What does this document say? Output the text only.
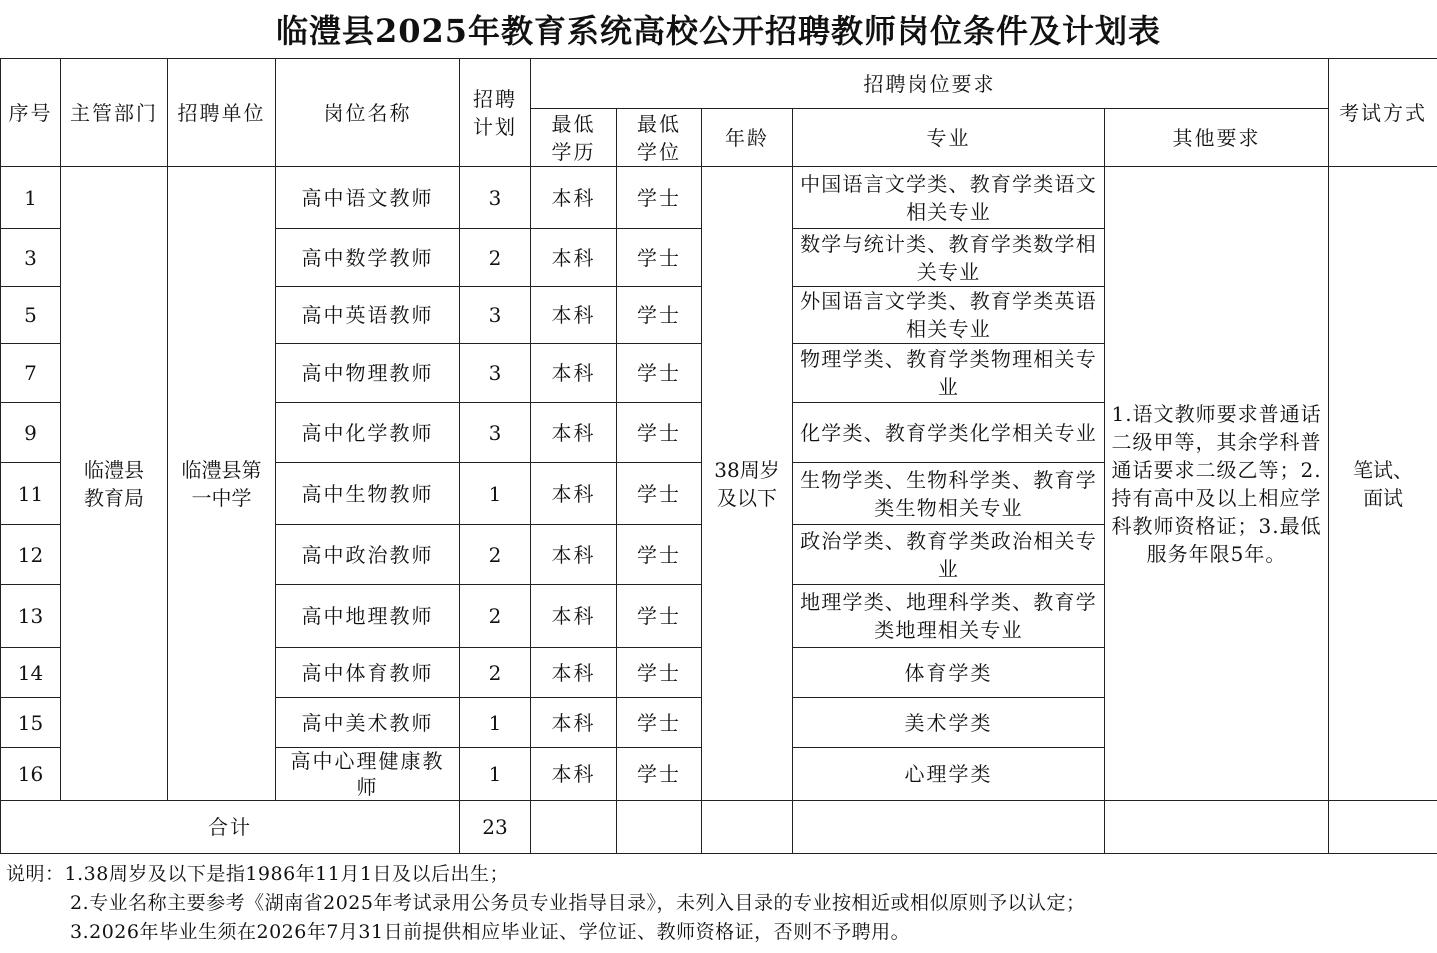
临澧县2025年教育系统高校公开招聘教师岗位条件及计划表
序号	主管部门	招聘单位	岗位名称	招聘计划	招聘岗位要求					考试方式

					最低学历	最低学位	年龄	专业	其他要求	
1	临澧县教育局	临澧县第一中学	高中语文教师	3	本科	学士	38周岁及以下	中国语言文学类、教育学类语文相关专业	1.语文教师要求普通话二级甲等，其余学科普通话要求二级乙等；2.持有高中及以上相应学科教师资格证；3.最低服务年限5年。	笔试、面试

3			高中数学教师	2	本科	学士		数学与统计类、教育学类数学相关专业		
5			高中英语教师	3	本科	学士		外国语言文学类、教育学类英语相关专业		
7			高中物理教师	3	本科	学士		物理学类、教育学类物理相关专业		
9			高中化学教师	3	本科	学士		化学类、教育学类化学相关专业		
11			高中生物教师	1	本科	学士		生物学类、生物科学类、教育学类生物相关专业		
12			高中政治教师	2	本科	学士		政治学类、教育学类政治相关专业		
13			高中地理教师	2	本科	学士		地理学类、地理科学类、教育学类地理相关专业		
14			高中体育教师	2	本科	学士		体育学类		
15			高中美术教师	1	本科	学士		美术学类		
16			高中心理健康教师	1	本科	学士		心理学类		
合计				23						
说明：1.38周岁及以下是指1986年11月1日及以后出生；
2.专业名称主要参考《湖南省2025年考试录用公务员专业指导目录》，未列入目录的专业按相近或相似原则予以认定；
3.2026年毕业生须在2026年7月31日前提供相应毕业证、学位证、教师资格证，否则不予聘用。
